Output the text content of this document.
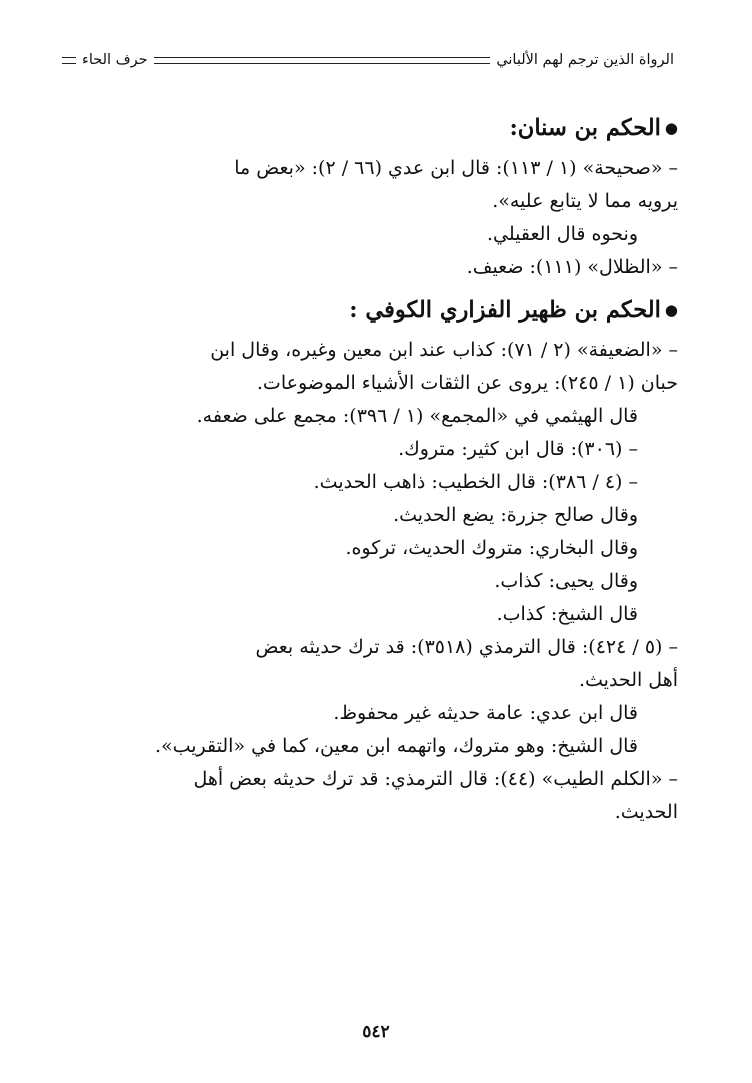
الرواة الذين ترجم لهم الألباني
حرف الحاء
●الحكم بن سنان:

– «صحيحة» (١ / ١١٣): قال ابن عدي (٦٦ / ٢): «بعض ما

يرويه مما لا يتابع عليه».

ونحوه قال العقيلي.

– «الظلال» (١١١): ضعيف.

●الحكم بن ظهير الفزاري الكوفي :

– «الضعيفة» (٢ / ٧١): كذاب عند ابن معين وغيره، وقال ابن

حبان (١ / ٢٤٥): يروى عن الثقات الأشياء الموضوعات.

قال الهيثمي في «المجمع» (١ / ٣٩٦): مجمع على ضعفه.

– (٣٠٦): قال ابن كثير: متروك.

– (٤ / ٣٨٦): قال الخطيب: ذاهب الحديث.

وقال صالح جزرة: يضع الحديث.

وقال البخاري: متروك الحديث، تركوه.

وقال يحيى: كذاب.

قال الشيخ: كذاب.

– (٥ / ٤٢٤): قال الترمذي (٣٥١٨): قد ترك حديثه بعض

أهل الحديث.

قال ابن عدي: عامة حديثه غير محفوظ.

قال الشيخ: وهو متروك، واتهمه ابن معين، كما في «التقريب».

– «الكلم الطيب» (٤٤): قال الترمذي: قد ترك حديثه بعض أهل

الحديث.

٥٤٢
